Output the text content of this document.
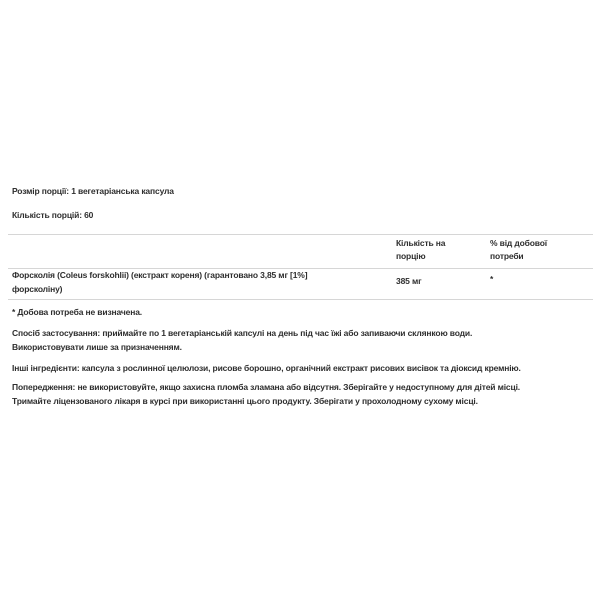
Розмір порції: 1 вегетаріанська капсула
Кількість порцій: 60
Кількість на
порцію
% від добової
потреби
Форсколія (Coleus forskohlii) (екстракт кореня) (гарантовано 3,85 мг [1%]
форсколіну)
385 мг	*
* Добова потреба не визначена.
Спосіб застосування: приймайте по 1 вегетаріанській капсулі на день під час їжі або запиваючи склянкою води.
Використовувати лише за призначенням.
Інші інгредієнти: капсула з рослинної целюлози, рисове борошно, органічний екстракт рисових висівок та діоксид кремнію.
Попередження: не використовуйте, якщо захисна пломба зламана або відсутня. Зберігайте у недоступному для дітей місці.
Тримайте ліцензованого лікаря в курсі при використанні цього продукту. Зберігати у прохолодному сухому місці.
